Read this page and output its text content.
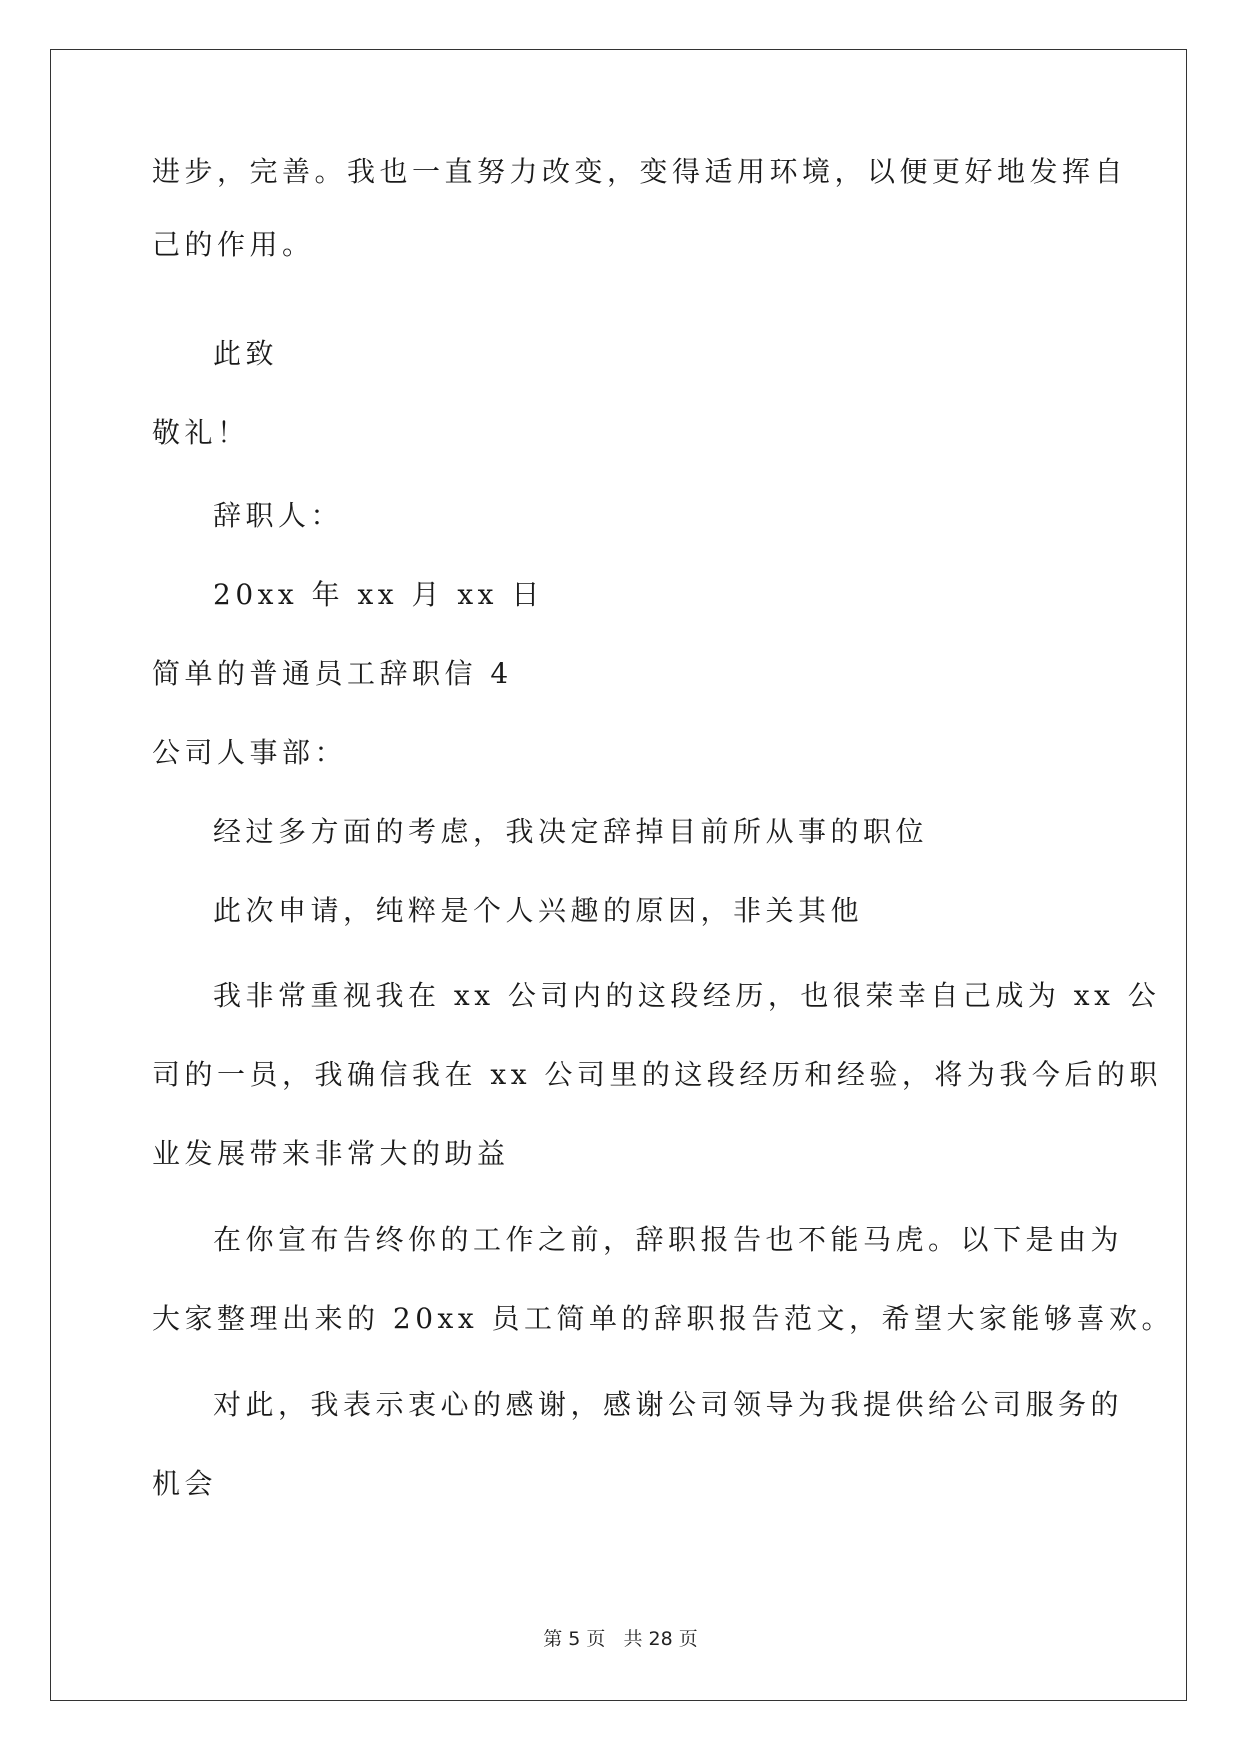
进步，完善。我也一直努力改变，变得适用环境，以便更好地发挥自
己的作用。
此致
敬礼！
辞职人：
20xx 年 xx 月 xx 日
简单的普通员工辞职信 4
公司人事部：
经过多方面的考虑，我决定辞掉目前所从事的职位
此次申请，纯粹是个人兴趣的原因，非关其他
我非常重视我在 xx 公司内的这段经历，也很荣幸自己成为 xx 公
司的一员，我确信我在 xx 公司里的这段经历和经验，将为我今后的职
业发展带来非常大的助益
在你宣布告终你的工作之前，辞职报告也不能马虎。以下是由为
大家整理出来的 20xx 员工简单的辞职报告范文，希望大家能够喜欢。
对此，我表示衷心的感谢，感谢公司领导为我提供给公司服务的
机会
第 5 页 共 28 页
